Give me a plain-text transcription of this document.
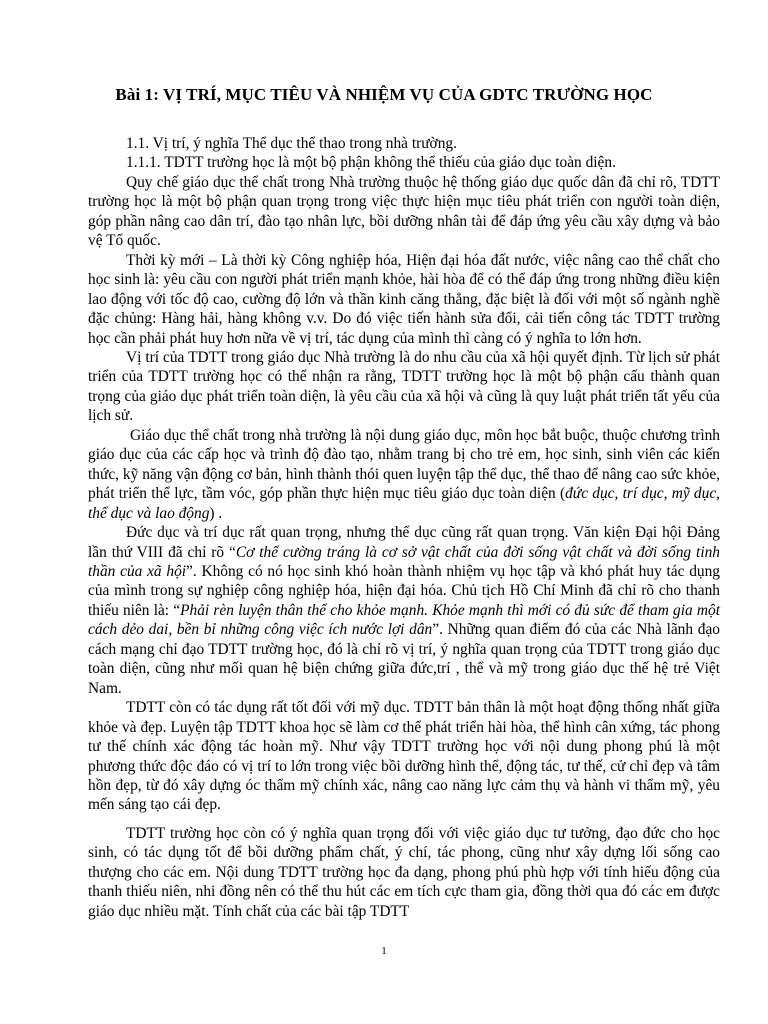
Bài 1: VỊ TRÍ, MỤC TIÊU VÀ NHIỆM VỤ CỦA GDTC TRƯỜNG HỌC

1.1. Vị trí, ý nghĩa Thể dục thể thao trong nhà trường.

1.1.1. TDTT trường học là một bộ phận không thể thiếu của giáo dục toàn diện.

Quy chế giáo dục thể chất trong Nhà trường thuộc hệ thống giáo dục quốc dân đã chỉ rõ, TDTT trường học là một bộ phận quan trọng trong việc thực hiện mục tiêu phát triển con người toàn diện, góp phần nâng cao dân trí, đào tạo nhân lực, bồi dưỡng nhân tài để đáp ứng yêu cầu xây dựng và bảo vệ Tổ quốc.

Thời kỳ mới – Là thời kỳ Công nghiệp hóa, Hiện đại hóa đất nước, việc nâng cao thể chất cho học sinh là: yêu cầu con người phát triển mạnh khỏe, hài hòa để có thể đáp ứng trong những điều kiện lao động với tốc độ cao, cường độ lớn và thần kinh căng thẳng, đặc biệt là đối với một số ngành nghề đặc chủng: Hàng hải, hàng không v.v. Do đó việc tiến hành sửa đổi, cải tiến công tác TDTT trường học cần phải phát huy hơn nữa về vị trí, tác dụng của mình thì càng có ý nghĩa to lớn hơn.

Vị trí của TDTT trong giáo dục Nhà trường là do nhu cầu của xã hội quyết định. Từ lịch sử phát triển của TDTT trường học có thể nhận ra rằng, TDTT trường học là một bộ phận cấu thành quan trọng của giáo dục phát triển toàn diện, là yêu cầu của xã hội và cũng là quy luật phát triển tất yếu của lịch sử.

Giáo dục thể chất trong nhà trường là nội dung giáo dục, môn học bắt buộc, thuộc chương trình giáo dục của các cấp học và trình độ đào tạo, nhằm trang bị cho trẻ em, học sinh, sinh viên các kiến thức, kỹ năng vận động cơ bản, hình thành thói quen luyện tập thể dục, thể thao để nâng cao sức khỏe, phát triển thể lực, tầm vóc, góp phần thực hiện mục tiêu giáo dục toàn diện (đức dục, trí dục, mỹ dục, thể dục và lao động) .

Đức dục và trí dục rất quan trọng, nhưng thể dục cũng rất quan trọng. Văn kiện Đại hội Đảng lần thứ VIII đã chỉ rõ “Cơ thể cường tráng là cơ sở vật chất của đời sống vật chất và đời sống tinh thần của xã hội”. Không có nó học sinh khó hoàn thành nhiệm vụ học tập và khó phát huy tác dụng của mình trong sự nghiệp công nghiệp hóa, hiện đại hóa. Chủ tịch Hồ Chí Minh đã chỉ rõ cho thanh thiếu niên là: “Phải rèn luyện thân thể cho khỏe mạnh. Khỏe mạnh thì mới có đủ sức để tham gia một cách dẻo dai, bền bỉ những công việc ích nước lợi dân”. Những quan điểm đó của các Nhà lãnh đạo cách mạng chỉ đạo TDTT trường học, đó là chỉ rõ vị trí, ý nghĩa quan trọng của TDTT trong giáo dục toàn diện, cũng như mối quan hệ biện chứng giữa đức,trí , thể và mỹ trong giáo dục thế hệ trẻ Việt Nam.

TDTT còn có tác dụng rất tốt đối với mỹ dục. TDTT bản thân là một hoạt động thống nhất giữa khỏe và đẹp. Luyện tập TDTT khoa học sẽ làm cơ thể phát triển hài hòa, thể hình cân xứng, tác phong tư thế chính xác động tác hoàn mỹ. Như vậy TDTT trường học với nội dung phong phú là một phương thức độc đáo có vị trí to lớn trong việc bồi dưỡng hình thể, động tác, tư thế, cử chỉ đẹp và tâm hồn đẹp, từ đó xây dựng óc thẩm mỹ chính xác, nâng cao năng lực cảm thụ và hành vi thẩm mỹ, yêu mến sáng tạo cái đẹp.

TDTT trường học còn có ý nghĩa quan trọng đối với việc giáo dục tư tưởng, đạo đức cho học sinh, có tác dụng tốt để bồi dưỡng phẩm chất, ý chí, tác phong, cũng như xây dựng lối sống cao thượng cho các em. Nội dung TDTT trường học đa dạng, phong phú phù hợp với tính hiếu động của thanh thiếu niên, nhi đồng nên có thể thu hút các em tích cực tham gia, đồng thời qua đó các em được giáo dục nhiều mặt. Tính chất của các bài tập TDTT

1
